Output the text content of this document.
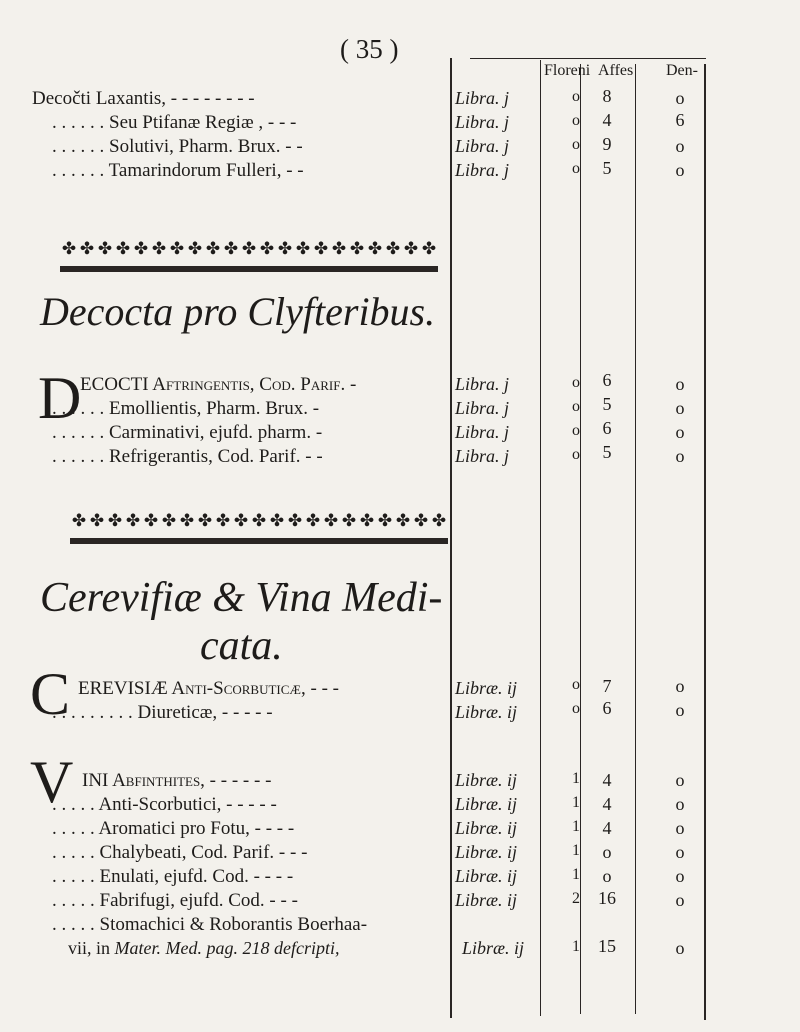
( 35 )
Floreni Affes Den-
Decočti Laxantis, - - - - - - - -	Libra. j	o	8	o
. . . . . . Seu Ptifanæ Regiæ , - - -	Libra. j	o	4	6
. . . . . . Solutivi, Pharm. Brux. - -	Libra. j	o	9	o
. . . . . . Tamarindorum Fulleri, - -	Libra. j	o	5	o
✤ ✤ ✤ ✤ ✤ ✤ ✤ ✤ ✤ ✤ ✤ ✤ ✤ ✤ ✤ ✤ ✤ ✤ ✤ ✤ ✤
Decocta pro Clyfteribus.
D
ECOCTI Aftringentis, Cod. Parif. -	Libra. j	o	6	o
. . . . . . Emollientis, Pharm. Brux. -	Libra. j	o	5	o
. . . . . . Carminativi, ejufd. pharm. -	Libra. j	o	6	o
. . . . . . Refrigerantis, Cod. Parif. - -	Libra. j	o	5	o
✤ ✤ ✤ ✤ ✤ ✤ ✤ ✤ ✤ ✤ ✤ ✤ ✤ ✤ ✤ ✤ ✤ ✤ ✤ ✤ ✤
Cerevifiæ & Vina Medi-
cata.
C EREVISIÆ Anti-Scorbuticæ, - - -	Libræ. ij	o	7	o
. . . . . . . . . Diureticæ, - - - - -	Libræ. ij	o	6	o
V INI Abfinthites, - - - - - -	Libræ. ij	1	4	o
. . . . . Anti-Scorbutici, - - - - -	Libræ. ij	1	4	o
. . . . . Aromatici pro Fotu, - - - -	Libræ. ij	1	4	o
. . . . . Chalybeati, Cod. Parif. - - -	Libræ. ij	1	o	o
. . . . . Enulati, ejufd. Cod. - - - -	Libræ. ij	1	o	o
. . . . . Fabrifugi, ejufd. Cod. - - -	Libræ. ij	2	16	o
. . . . . Stomachici & Roborantis Boerhaa-
vii, in Mater. Med. pag. 218 defcripti,	Libræ. ij	1	15	o
